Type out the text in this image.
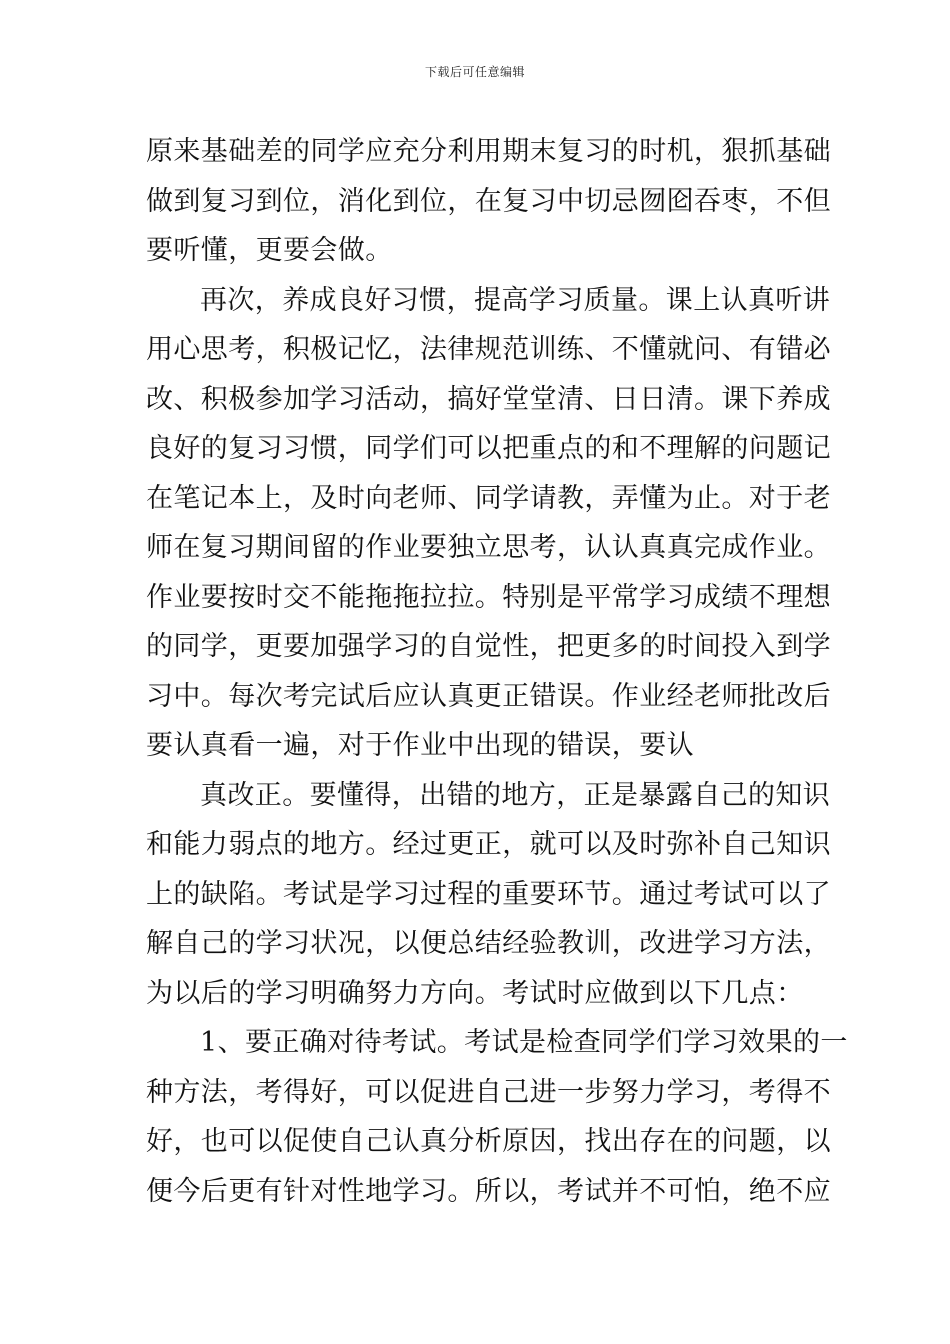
下载后可任意编辑
原来基础差的同学应充分利用期末复习的时机，狠抓基础
做到复习到位，消化到位，在复习中切忌囫囵吞枣，不但
要听懂，更要会做。
再次，养成良好习惯，提高学习质量。课上认真听讲
用心思考，积极记忆，法律规范训练、不懂就问、有错必
改、积极参加学习活动，搞好堂堂清、日日清。课下养成
良好的复习习惯，同学们可以把重点的和不理解的问题记
在笔记本上，及时向老师、同学请教，弄懂为止。对于老
师在复习期间留的作业要独立思考，认认真真完成作业。
作业要按时交不能拖拖拉拉。特别是平常学习成绩不理想
的同学，更要加强学习的自觉性，把更多的时间投入到学
习中。每次考完试后应认真更正错误。作业经老师批改后
要认真看一遍，对于作业中出现的错误，要认
真改正。要懂得，出错的地方，正是暴露自己的知识
和能力弱点的地方。经过更正，就可以及时弥补自己知识
上的缺陷。考试是学习过程的重要环节。通过考试可以了
解自己的学习状况，以便总结经验教训，改进学习方法，
为以后的学习明确努力方向。考试时应做到以下几点：
1、要正确对待考试。考试是检查同学们学习效果的一
种方法，考得好，可以促进自己进一步努力学习，考得不
好，也可以促使自己认真分析原因，找出存在的问题，以
便今后更有针对性地学习。所以，考试并不可怕，绝不应
